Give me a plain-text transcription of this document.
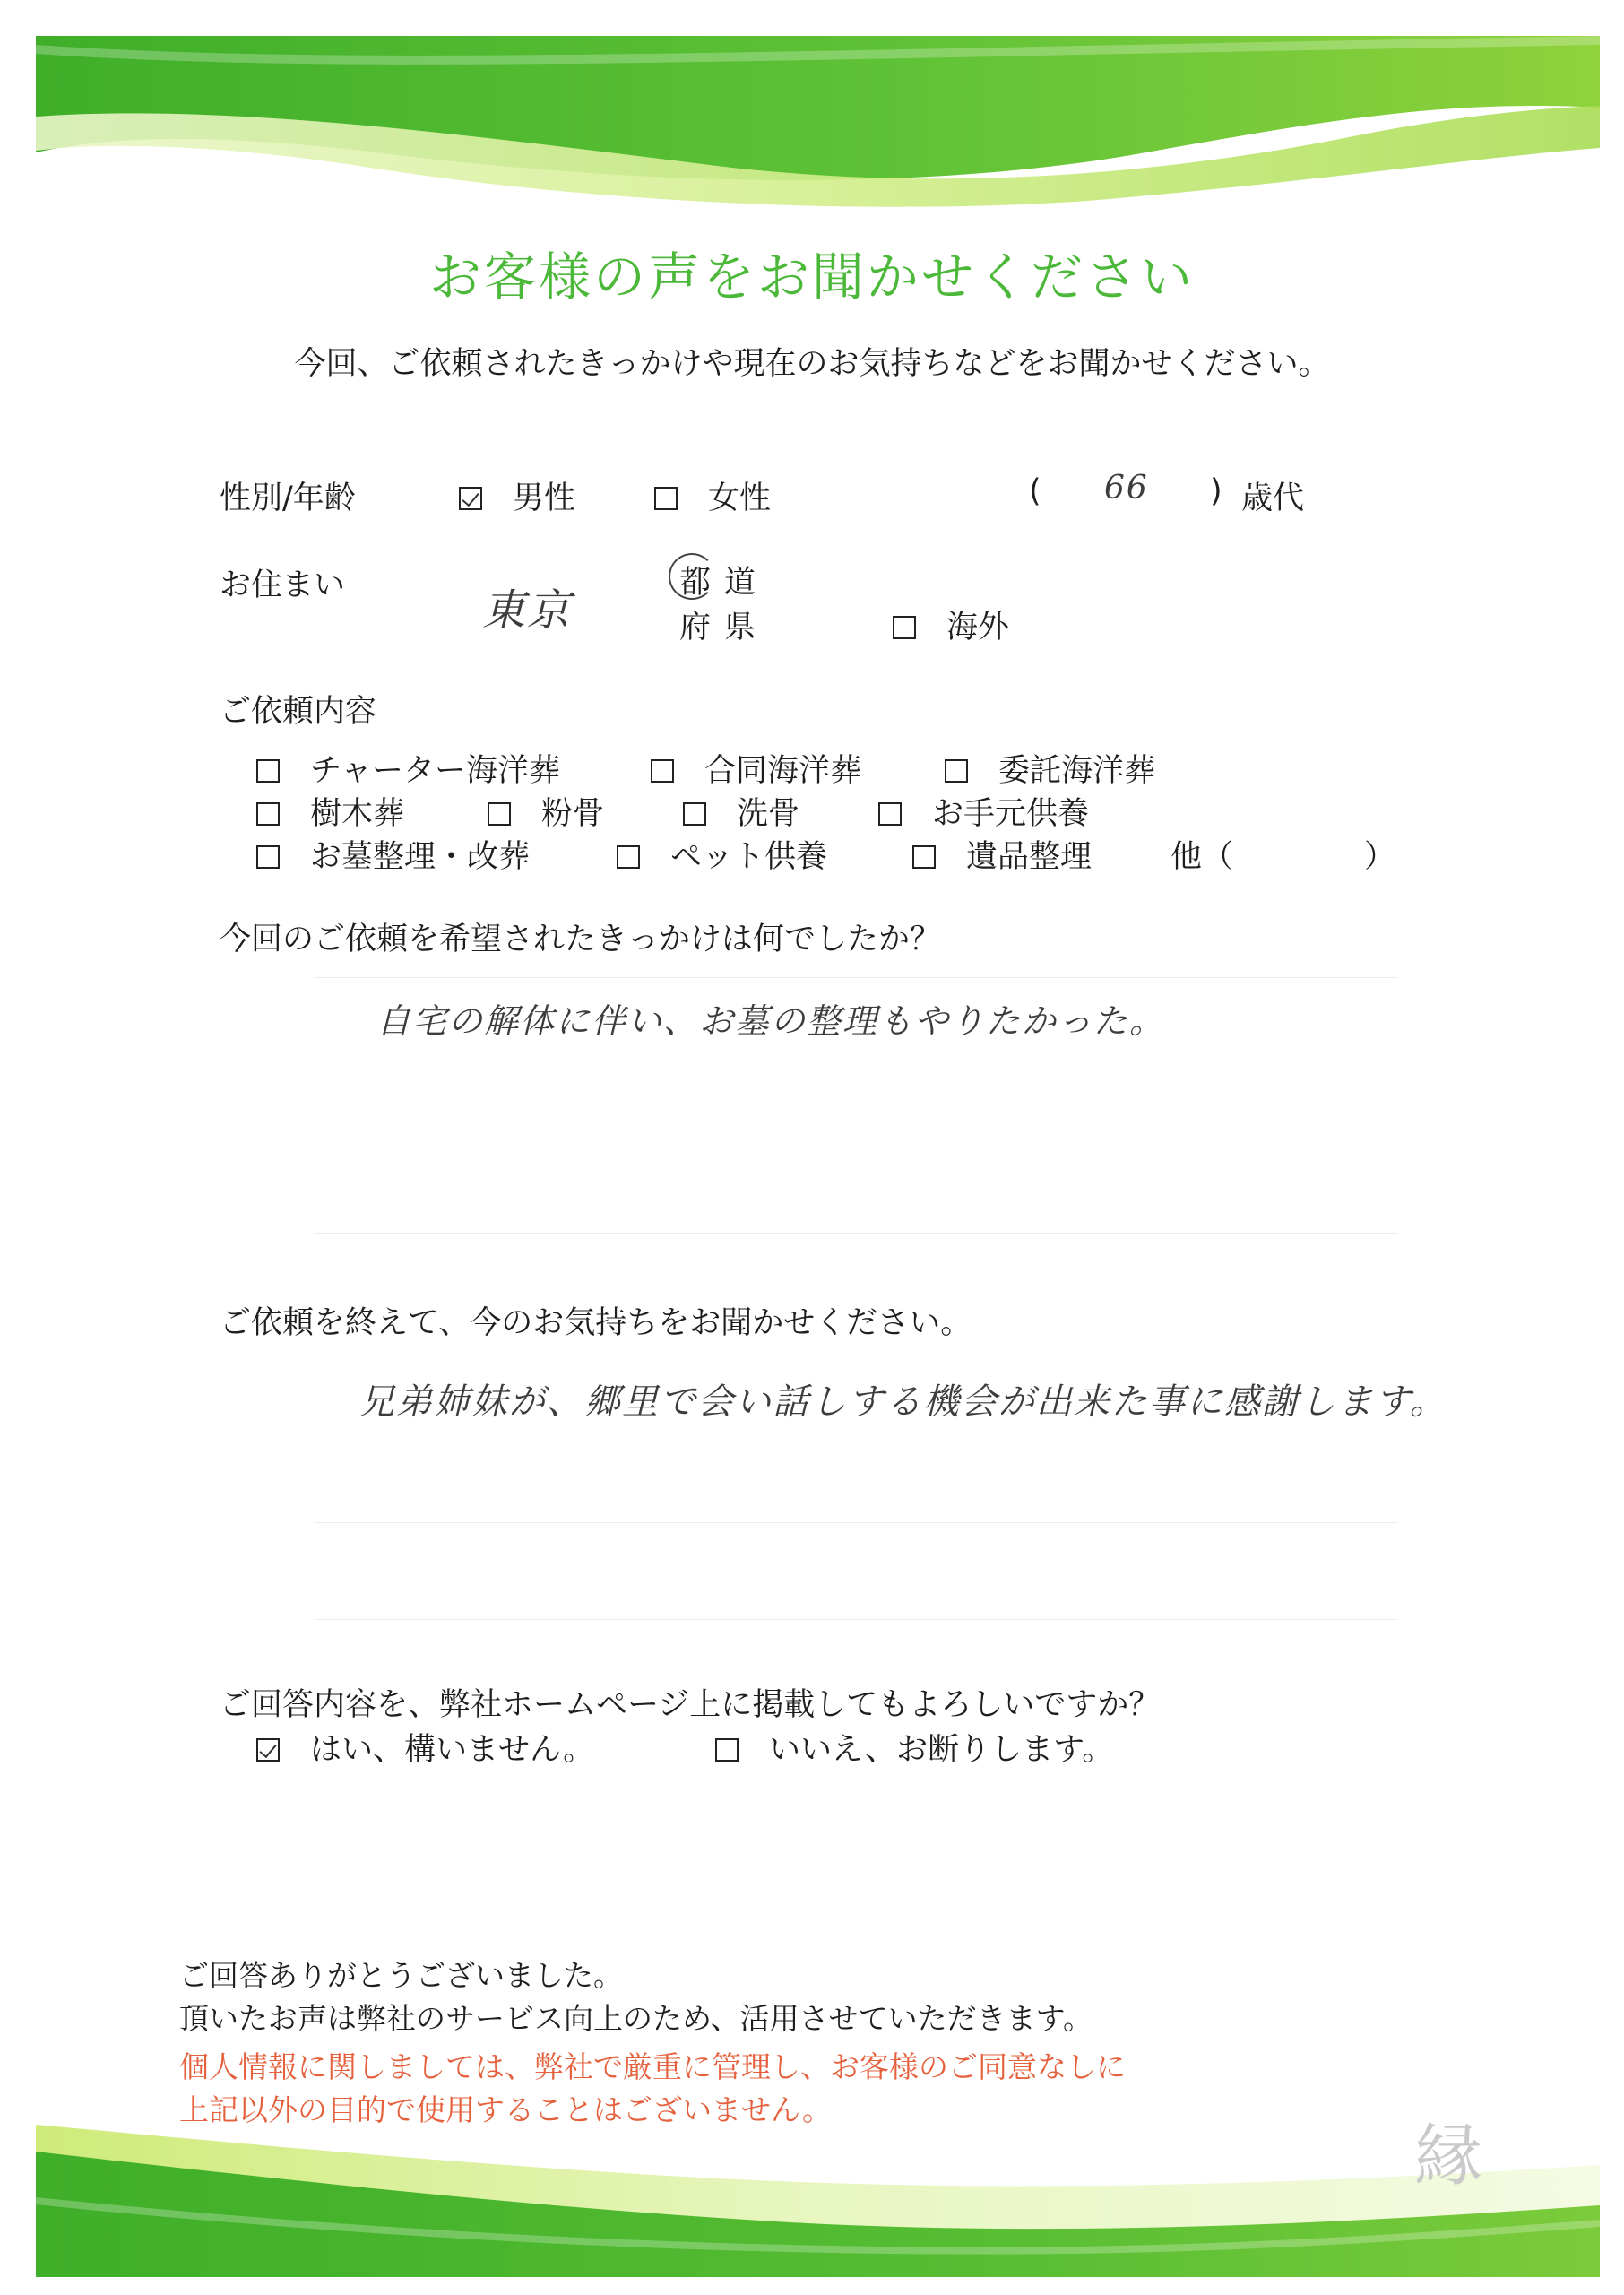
お客様の声をお聞かせください
今回、ご依頼されたきっかけや現在のお気持ちなどをお聞かせください。
性別/年齢	男性	女性	( 66 ) 歳代
お住まい	東京
都 道
府 県	海外
ご依頼内容
チャーター海洋葬	合同海洋葬	委託海洋葬
樹木葬	粉骨	洗骨	お手元供養
お墓整理・改葬	ペット供養	遺品整理	他（	）
今回のご依頼を希望されたきっかけは何でしたか？
自宅の解体に伴い、お墓の整理もやりたかった。
ご依頼を終えて、今のお気持ちをお聞かせください。
兄弟姉妹が、郷里で会い話しする機会が出来た事に感謝します。
ご回答内容を、弊社ホームページ上に掲載してもよろしいですか？
はい、構いません。	いいえ、お断りします。
ご回答ありがとうございました。
頂いたお声は弊社のサービス向上のため、活用させていただきます。
個人情報に関しましては、弊社で厳重に管理し、お客様のご同意なしに
上記以外の目的で使用することはございません。
縁
